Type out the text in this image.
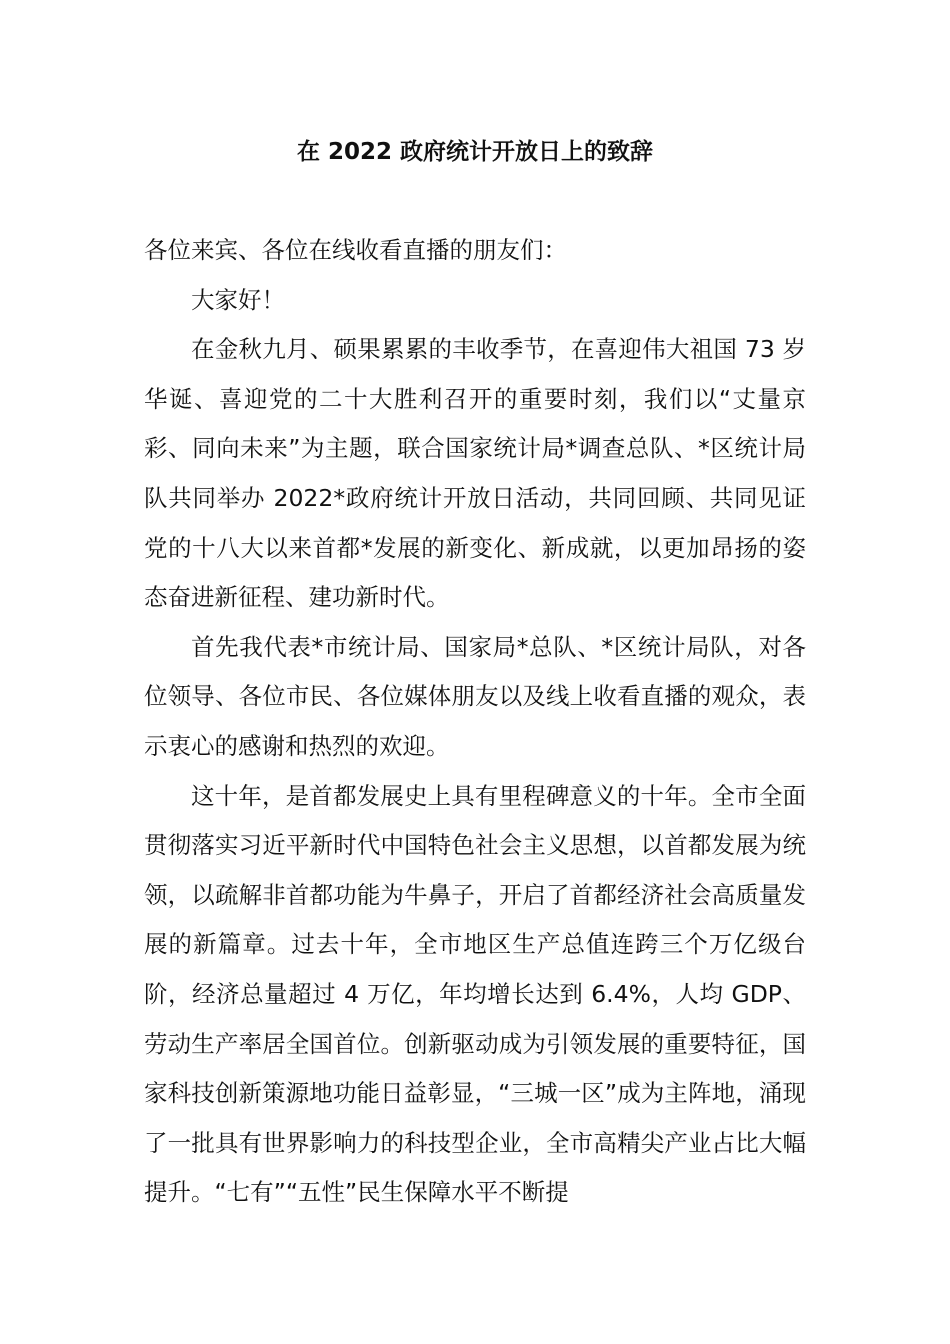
在 2022 政府统计开放日上的致辞

各位来宾、各位在线收看直播的朋友们：

大家好！

在金秋九月、硕果累累的丰收季节，在喜迎伟大祖国 73 岁华诞、喜迎党的二十大胜利召开的重要时刻，我们以“丈量京彩、同向未来”为主题，联合国家统计局*调查总队、*区统计局队共同举办 2022*政府统计开放日活动，共同回顾、共同见证党的十八大以来首都*发展的新变化、新成就，以更加昂扬的姿态奋进新征程、建功新时代。

首先我代表*市统计局、国家局*总队、*区统计局队，对各位领导、各位市民、各位媒体朋友以及线上收看直播的观众，表示衷心的感谢和热烈的欢迎。

这十年，是首都发展史上具有里程碑意义的十年。全市全面贯彻落实习近平新时代中国特色社会主义思想，以首都发展为统领，以疏解非首都功能为牛鼻子，开启了首都经济社会高质量发展的新篇章。过去十年，全市地区生产总值连跨三个万亿级台阶，经济总量超过 4 万亿，年均增长达到 6.4%，人均 GDP、劳动生产率居全国首位。创新驱动成为引领发展的重要特征，国家科技创新策源地功能日益彰显，“三城一区”成为主阵地，涌现了一批具有世界影响力的科技型企业，全市高精尖产业占比大幅提升。“七有”“五性”民生保障水平不断提
